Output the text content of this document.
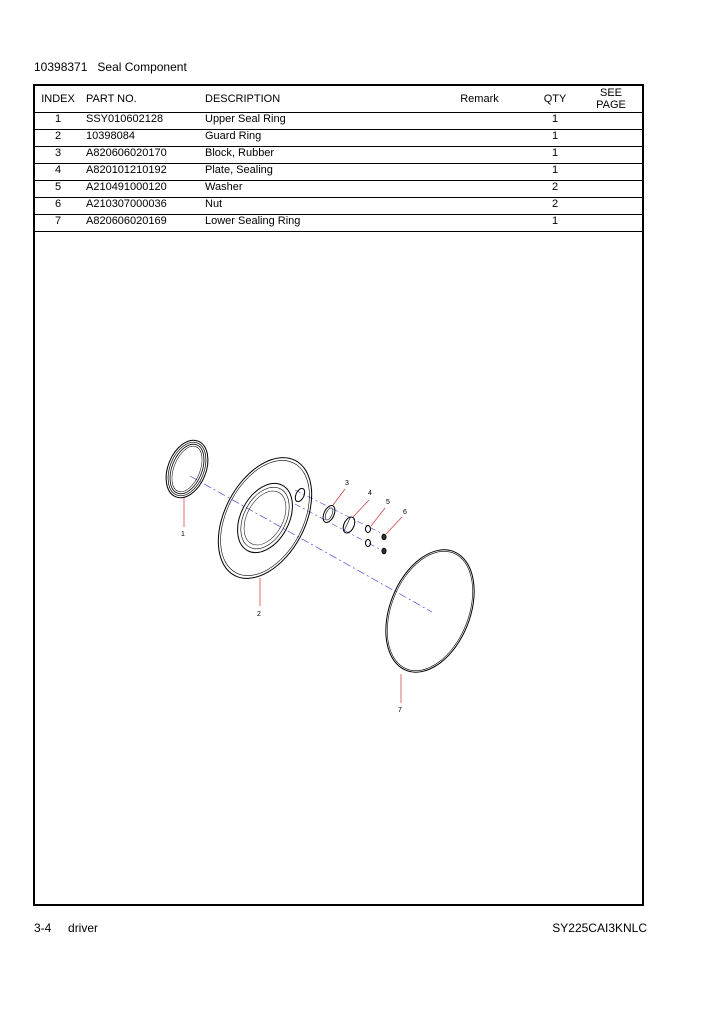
10398371   Seal Component
INDEX	PART NO.	DESCRIPTION	Remark	QTY	SEE
PAGE
1	SSY010602128	Upper Seal Ring		1	
2	10398084	Guard Ring		1	
3	A820606020170	Block, Rubber		1	
4	A820101210192	Plate, Sealing		1	
5	A210491000120	Washer		2	
6	A210307000036	Nut		2	
7	A820606020169	Lower Sealing Ring		1	
1
2
3
4
5
6
7
3-4     driver	SY225CAI3KNLC
